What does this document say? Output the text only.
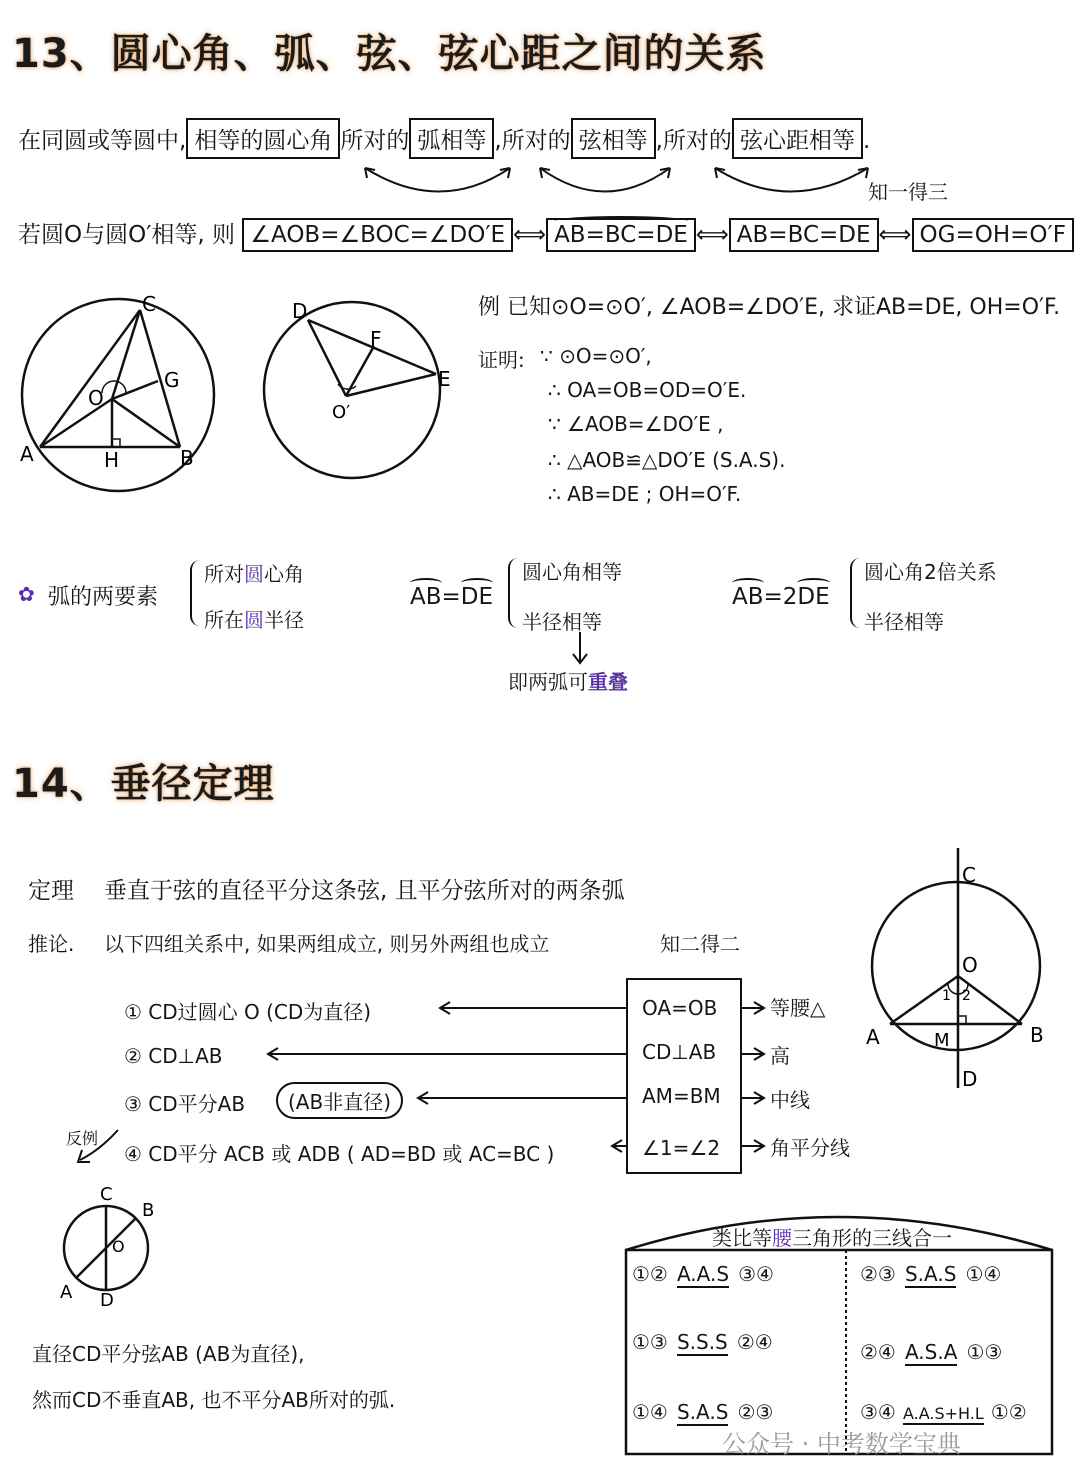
13、圆心角、弧、弦、弦心距之间的关系
在同圆或等圆中, 相等的圆心角 所对的 弧相等 ,所对的 弦相等 ,所对的 弦心距相等 .
知一得三
若圆O与圆O′相等, 则 ∠AOB=∠BOC=∠DO′E ⟺ AB=BC=DE ⟺ AB=BC=DE ⟺ OG=OH=O′F
C
G
O
A	H	B
D
F
E
O′
例 已知⊙O=⊙O′, ∠AOB=∠DO′E, 求证AB=DE, OH=O′F.
证明: ∵ ⊙O=⊙O′,
∴ OA=OB=OD=O′E.
∵ ∠AOB=∠DO′E ,
∴ △AOB≌△DO′E (S.A.S).
∴ AB=DE ; OH=O′F.
✿ 弧的两要素
所对圆心角
所在圆半径
AB=DE
圆心角相等
半径相等
即两弧可重叠
AB=2DE
圆心角2倍关系
半径相等
14、垂径定理
定理 垂直于弦的直径平分这条弦, 且平分弦所对的两条弧
推论. 以下四组关系中, 如果两组成立, 则另外两组也成立	知二得二
① CD过圆心 O (CD为直径)
② CD⊥AB
③ CD平分AB	(AB非直径)
④ CD平分 ACB 或 ADB ( AD=BD 或 AC=BC )
反例
OA=OB
CD⊥AB
AM=BM
∠1=∠2
等腰△
高
中线
角平分线
C
O
1 2
A	M	B
D
C
B
O
A D
直径CD平分弦AB (AB为直径),
然而CD不垂直AB, 也不平分AB所对的弧.
类比等腰三角形的三线合一
①② A.A.S ③④	②③ S.A.S ①④
①③ S.S.S ②④	②④ A.S.A ①③
①④ S.A.S ②③	③④ A.A.S+H.L ①②
公众号 · 中考数学宝典
